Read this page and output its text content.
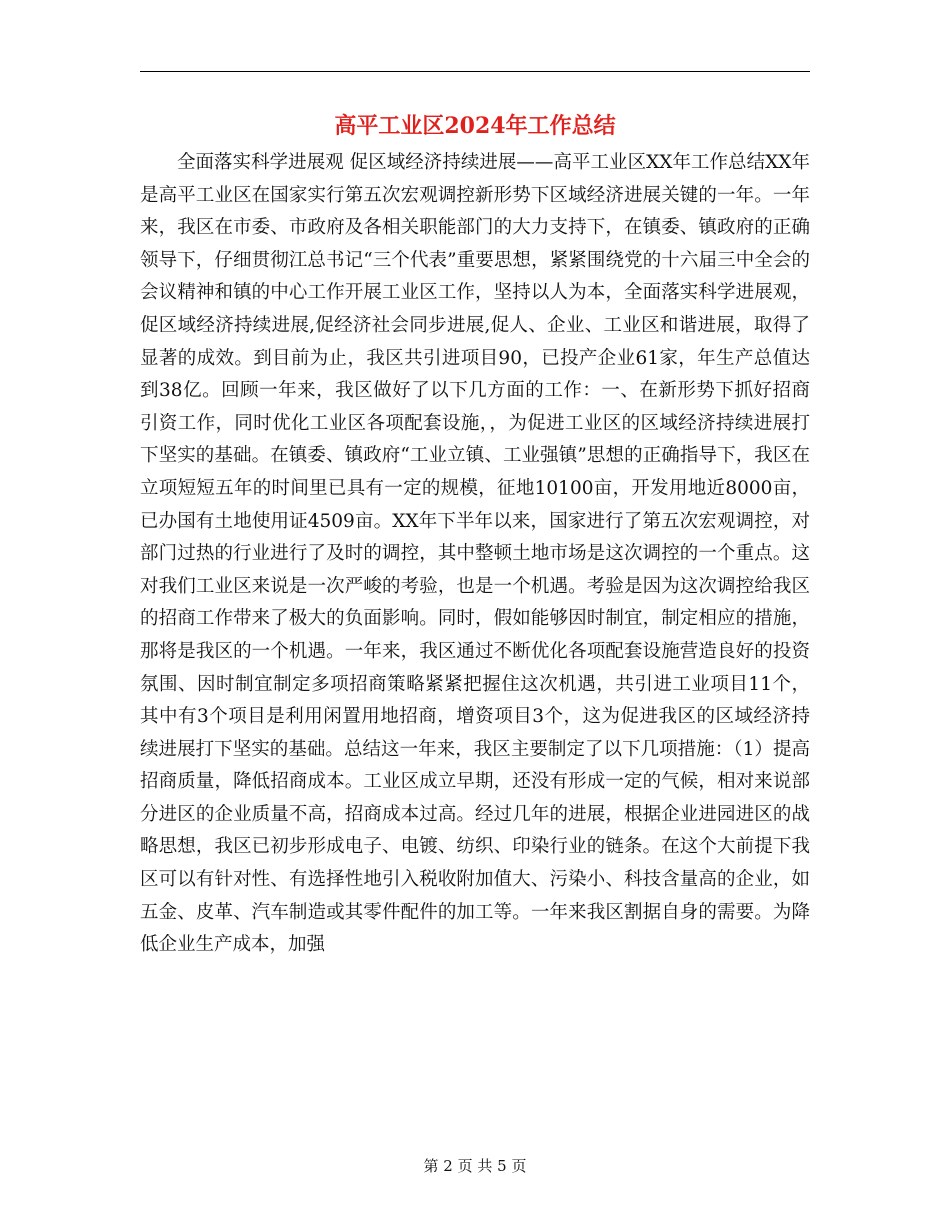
高平工业区2024年工作总结

全面落实科学进展观 促区域经济持续进展——高平工业区XX年工作总结XX年是高平工业区在国家实行第五次宏观调控新形势下区域经济进展关键的一年。一年来，我区在市委、市政府及各相关职能部门的大力支持下，在镇委、镇政府的正确领导下，仔细贯彻江总书记“三个代表”重要思想，紧紧围绕党的十六届三中全会的会议精神和镇的中心工作开展工业区工作，坚持以人为本，全面落实科学进展观，促区域经济持续进展,促经济社会同步进展,促人、企业、工业区和谐进展，取得了显著的成效。到目前为止，我区共引进项目90，已投产企业61家，年生产总值达到38亿。回顾一年来，我区做好了以下几方面的工作：一、在新形势下抓好招商引资工作，同时优化工业区各项配套设施，，为促进工业区的区域经济持续进展打下坚实的基础。在镇委、镇政府“工业立镇、工业强镇”思想的正确指导下，我区在立项短短五年的时间里已具有一定的规模，征地10100亩，开发用地近8000亩，已办国有土地使用证4509亩。XX年下半年以来，国家进行了第五次宏观调控，对部门过热的行业进行了及时的调控，其中整顿土地市场是这次调控的一个重点。这对我们工业区来说是一次严峻的考验，也是一个机遇。考验是因为这次调控给我区的招商工作带来了极大的负面影响。同时，假如能够因时制宜，制定相应的措施，那将是我区的一个机遇。一年来，我区通过不断优化各项配套设施营造良好的投资氛围、因时制宜制定多项招商策略紧紧把握住这次机遇，共引进工业项目11个，其中有3个项目是利用闲置用地招商，增资项目3个，这为促进我区的区域经济持续进展打下坚实的基础。总结这一年来，我区主要制定了以下几项措施：（1）提高招商质量，降低招商成本。工业区成立早期，还没有形成一定的气候，相对来说部分进区的企业质量不高，招商成本过高。经过几年的进展，根据企业进园进区的战略思想，我区已初步形成电子、电镀、纺织、印染行业的链条。在这个大前提下我区可以有针对性、有选择性地引入税收附加值大、污染小、科技含量高的企业，如五金、皮革、汽车制造或其零件配件的加工等。一年来我区割据自身的需要。为降低企业生产成本，加强

第 2 页 共 5 页
